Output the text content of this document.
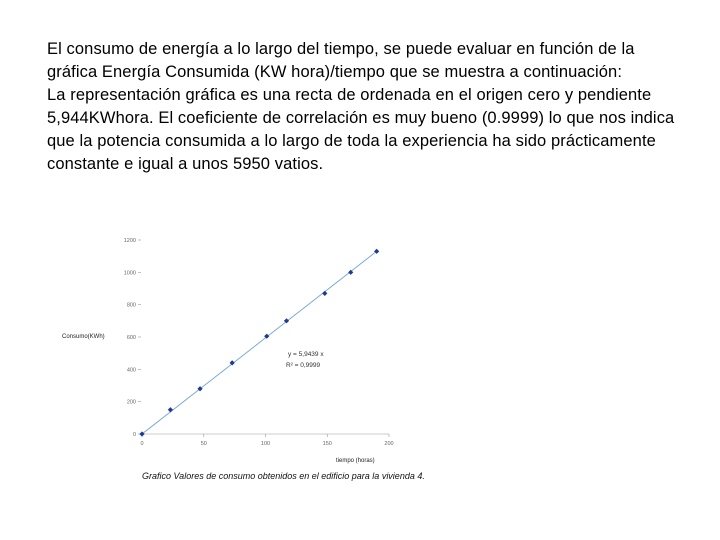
El consumo de energía a lo largo del tiempo, se puede evaluar en función de la gráfica Energía Consumida (KW hora)/tiempo que se muestra a continuación:

La representación gráfica es una recta de ordenada en el origen cero y pendiente 5,944KWhora. El coeficiente de correlación es muy bueno (0.9999) lo que nos indica que la potencia consumida a lo largo de toda la experiencia ha sido prácticamente constante e igual a unos 5950 vatios.

0
200
400
600
800
1000
1200
0	50	100	150	200
Consumo(KWh)
tiempo (horas)
y = 5,9439 x
R² = 0,9999
Grafico Valores de consumo obtenidos en el edificio para la vivienda 4.
